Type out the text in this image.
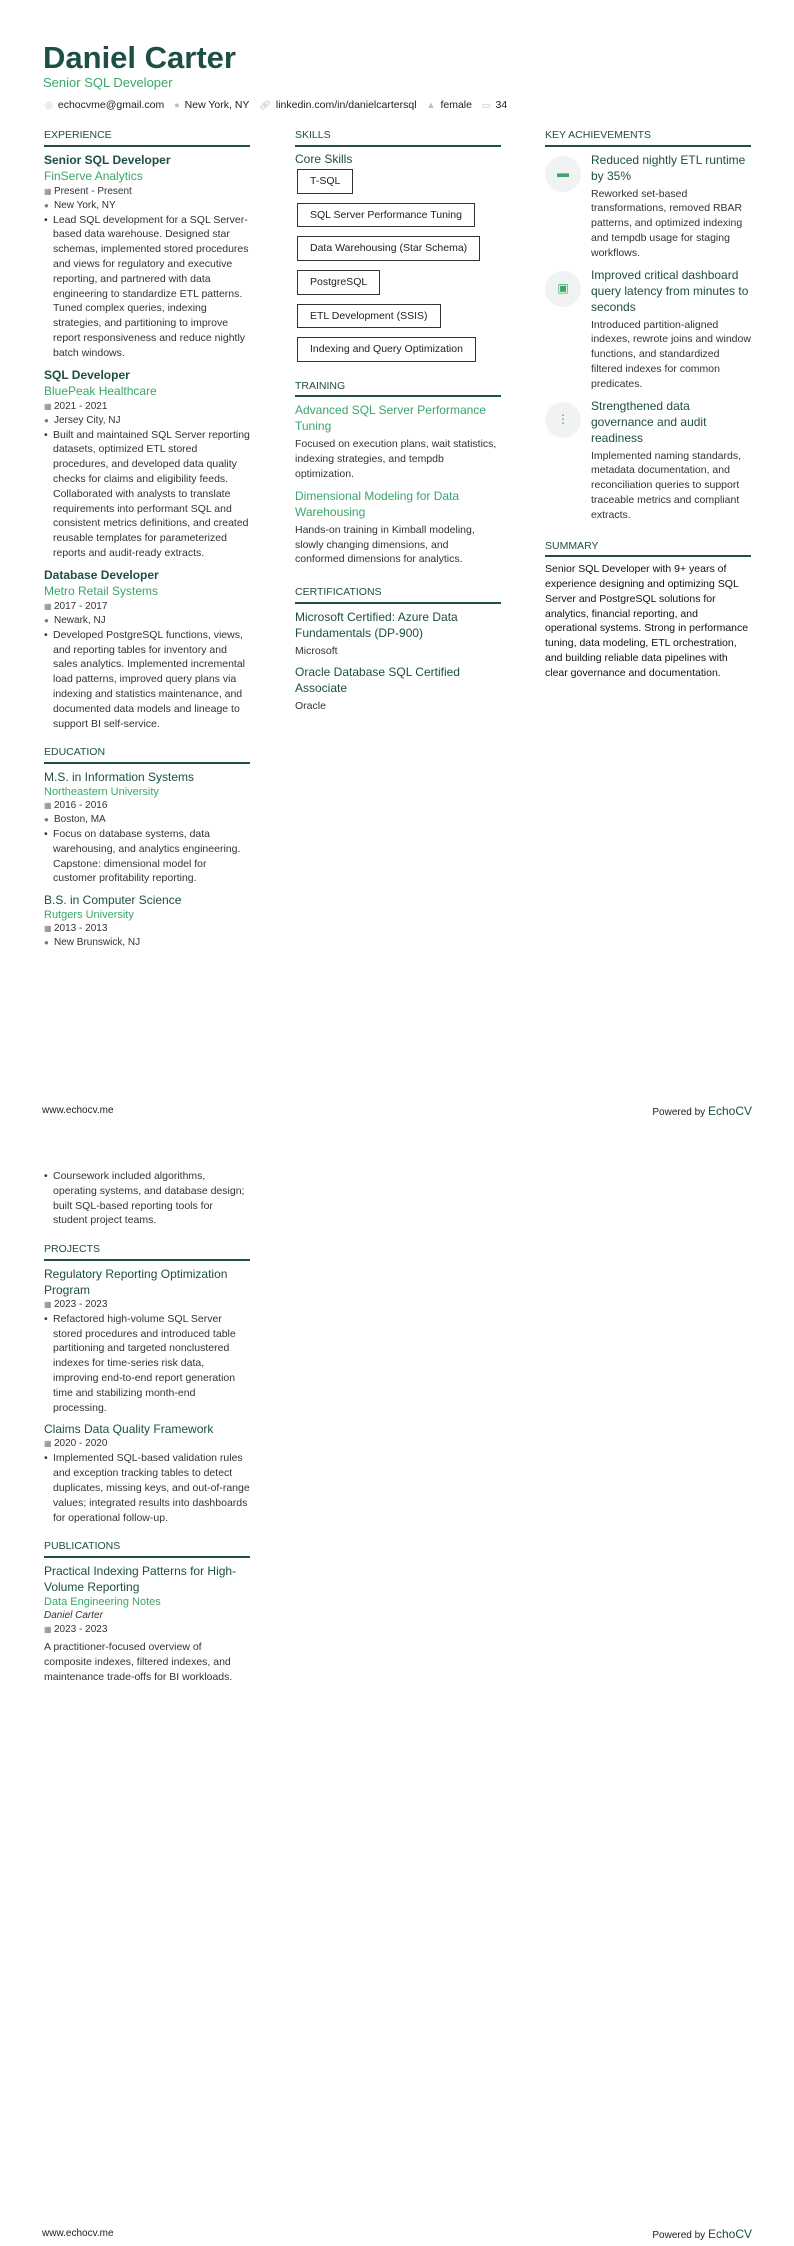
Daniel Carter
Senior SQL Developer
◎ echocvme@gmail.com ● New York, NY 🔗︎ linkedin.com/in/danielcartersql ▲ female ▭ 34
EXPERIENCE
Senior SQL Developer
FinServe Analytics
▦ Present - Present
● New York, NY
• Lead SQL development for a SQL Server-based data warehouse. Designed star schemas, implemented stored procedures and views for regulatory and executive reporting, and partnered with data engineering to standardize ETL patterns. Tuned complex queries, indexing strategies, and partitioning to improve report responsiveness and reduce nightly batch windows.
SQL Developer
BluePeak Healthcare
▦ 2021 - 2021
● Jersey City, NJ
• Built and maintained SQL Server reporting datasets, optimized ETL stored procedures, and developed data quality checks for claims and eligibility feeds. Collaborated with analysts to translate requirements into performant SQL and consistent metrics definitions, and created reusable templates for parameterized reports and audit-ready extracts.
Database Developer
Metro Retail Systems
▦ 2017 - 2017
● Newark, NJ
• Developed PostgreSQL functions, views, and reporting tables for inventory and sales analytics. Implemented incremental load patterns, improved query plans via indexing and statistics maintenance, and documented data models and lineage to support BI self-service.
EDUCATION
M.S. in Information Systems
Northeastern University
▦ 2016 - 2016
● Boston, MA
• Focus on database systems, data warehousing, and analytics engineering. Capstone: dimensional model for customer profitability reporting.
B.S. in Computer Science
Rutgers University
▦ 2013 - 2013
● New Brunswick, NJ
SKILLS
Core Skills
T-SQL
SQL Server Performance Tuning
Data Warehousing (Star Schema)
PostgreSQL
ETL Development (SSIS)
Indexing and Query Optimization
TRAINING
Advanced SQL Server Performance Tuning
Focused on execution plans, wait statistics, indexing strategies, and tempdb optimization.
Dimensional Modeling for Data Warehousing
Hands-on training in Kimball modeling, slowly changing dimensions, and conformed dimensions for analytics.
CERTIFICATIONS
Microsoft Certified: Azure Data Fundamentals (DP-900)
Microsoft
Oracle Database SQL Certified Associate
Oracle
KEY ACHIEVEMENTS
▬
Reduced nightly ETL runtime by 35%
Reworked set-based transformations, removed RBAR patterns, and optimized indexing and tempdb usage for staging workflows.
▣
Improved critical dashboard query latency from minutes to seconds
Introduced partition-aligned indexes, rewrote joins and window functions, and standardized filtered indexes for common predicates.
⋮
Strengthened data governance and audit readiness
Implemented naming standards, metadata documentation, and reconciliation queries to support traceable metrics and compliant extracts.
SUMMARY
Senior SQL Developer with 9+ years of experience designing and optimizing SQL Server and PostgreSQL solutions for analytics, financial reporting, and operational systems. Strong in performance tuning, data modeling, ETL orchestration, and building reliable data pipelines with clear governance and documentation.
www.echocv.me	Powered by EchoCV
• Coursework included algorithms, operating systems, and database design; built SQL-based reporting tools for student project teams.
PROJECTS
Regulatory Reporting Optimization Program
▦ 2023 - 2023
• Refactored high-volume SQL Server stored procedures and introduced table partitioning and targeted nonclustered indexes for time-series risk data, improving end-to-end report generation time and stabilizing month-end processing.
Claims Data Quality Framework
▦ 2020 - 2020
• Implemented SQL-based validation rules and exception tracking tables to detect duplicates, missing keys, and out-of-range values; integrated results into dashboards for operational follow-up.
PUBLICATIONS
Practical Indexing Patterns for High-Volume Reporting
Data Engineering Notes
Daniel Carter
▦ 2023 - 2023
A practitioner-focused overview of composite indexes, filtered indexes, and maintenance trade-offs for BI workloads.
www.echocv.me	Powered by EchoCV
